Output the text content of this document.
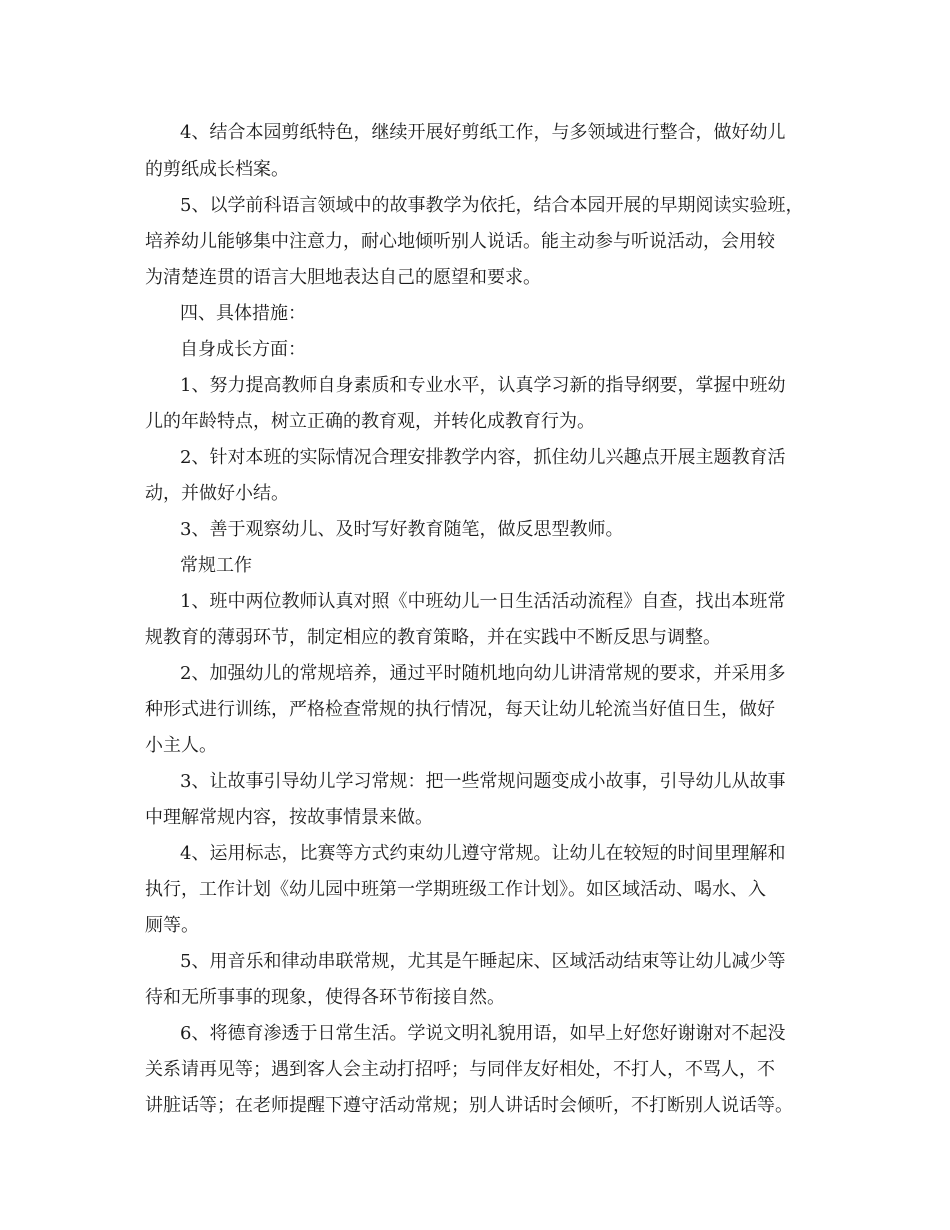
4、结合本园剪纸特色，继续开展好剪纸工作，与多领域进行整合，做好幼儿

的剪纸成长档案。

5、以学前科语言领域中的故事教学为依托，结合本园开展的早期阅读实验班，

培养幼儿能够集中注意力，耐心地倾听别人说话。能主动参与听说活动，会用较

为清楚连贯的语言大胆地表达自己的愿望和要求。

四、具体措施：

自身成长方面：

1、努力提高教师自身素质和专业水平，认真学习新的指导纲要，掌握中班幼

儿的年龄特点，树立正确的教育观，并转化成教育行为。

2、针对本班的实际情况合理安排教学内容，抓住幼儿兴趣点开展主题教育活

动，并做好小结。

3、善于观察幼儿、及时写好教育随笔，做反思型教师。

常规工作

1、班中两位教师认真对照《中班幼儿一日生活活动流程》自查，找出本班常

规教育的薄弱环节，制定相应的教育策略，并在实践中不断反思与调整。

2、加强幼儿的常规培养，通过平时随机地向幼儿讲清常规的要求，并采用多

种形式进行训练，严格检查常规的执行情况，每天让幼儿轮流当好值日生，做好

小主人。

3、让故事引导幼儿学习常规：把一些常规问题变成小故事，引导幼儿从故事

中理解常规内容，按故事情景来做。

4、运用标志，比赛等方式约束幼儿遵守常规。让幼儿在较短的时间里理解和

执行，工作计划《幼儿园中班第一学期班级工作计划》。如区域活动、喝水、入

厕等。

5、用音乐和律动串联常规，尤其是午睡起床、区域活动结束等让幼儿减少等

待和无所事事的现象，使得各环节衔接自然。

6、将德育渗透于日常生活。学说文明礼貌用语，如早上好您好谢谢对不起没

关系请再见等；遇到客人会主动打招呼；与同伴友好相处，不打人，不骂人，不

讲脏话等；在老师提醒下遵守活动常规；别人讲话时会倾听，不打断别人说话等。
